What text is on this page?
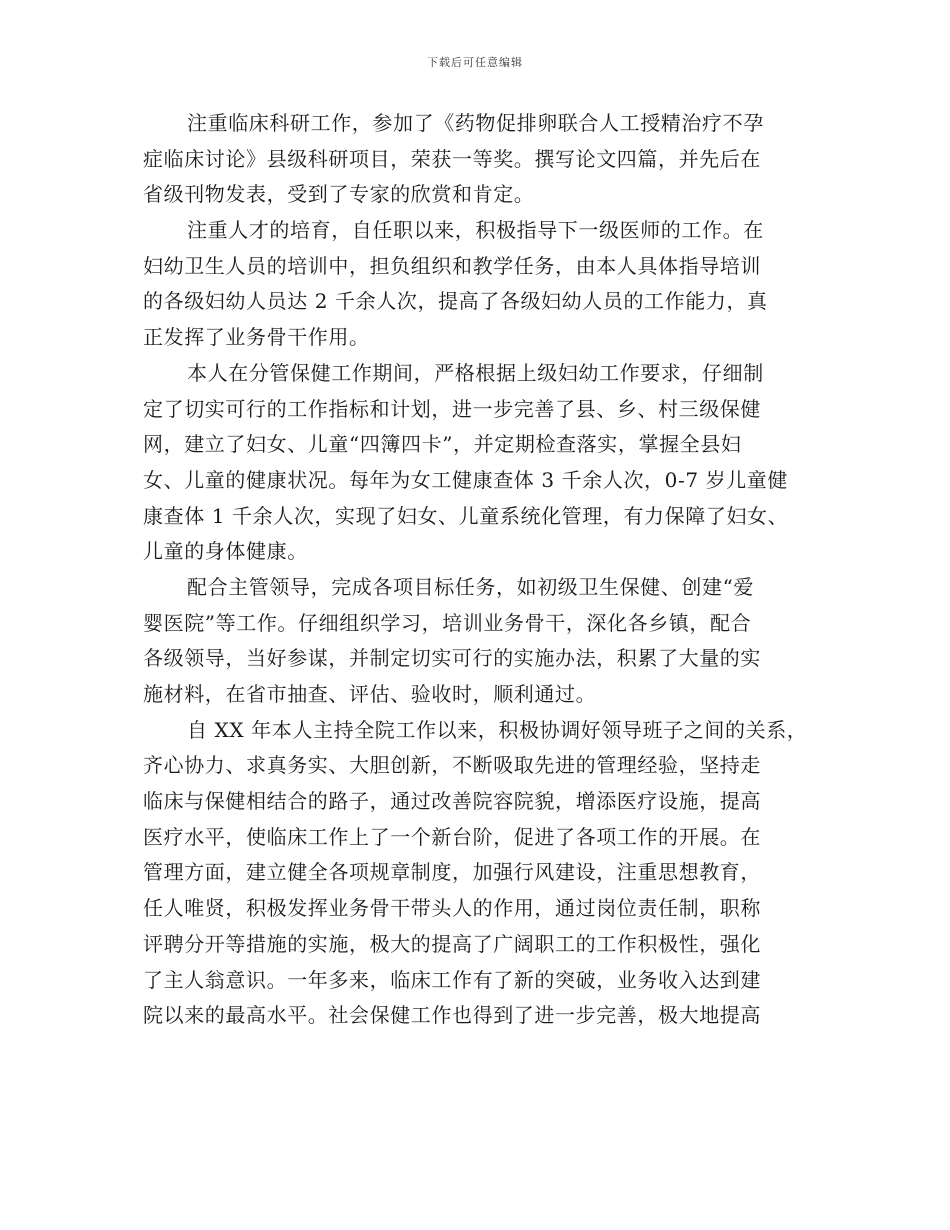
下载后可任意编辑
注重临床科研工作，参加了《药物促排卵联合人工授精治疗不孕
症临床讨论》县级科研项目，荣获一等奖。撰写论文四篇，并先后在
省级刊物发表，受到了专家的欣赏和肯定。
注重人才的培育，自任职以来，积极指导下一级医师的工作。在
妇幼卫生人员的培训中，担负组织和教学任务，由本人具体指导培训
的各级妇幼人员达 2 千余人次，提高了各级妇幼人员的工作能力，真
正发挥了业务骨干作用。
本人在分管保健工作期间，严格根据上级妇幼工作要求，仔细制
定了切实可行的工作指标和计划，进一步完善了县、乡、村三级保健
网，建立了妇女、儿童“四簿四卡”，并定期检查落实，掌握全县妇
女、儿童的健康状况。每年为女工健康查体 3 千余人次，0-7 岁儿童健
康查体 1 千余人次，实现了妇女、儿童系统化管理，有力保障了妇女、
儿童的身体健康。
配合主管领导，完成各项目标任务，如初级卫生保健、创建“爱
婴医院”等工作。仔细组织学习，培训业务骨干，深化各乡镇，配合
各级领导，当好参谋，并制定切实可行的实施办法，积累了大量的实
施材料，在省市抽查、评估、验收时，顺利通过。
自 XX 年本人主持全院工作以来，积极协调好领导班子之间的关系，
齐心协力、求真务实、大胆创新，不断吸取先进的管理经验，坚持走
临床与保健相结合的路子，通过改善院容院貌，增添医疗设施，提高
医疗水平，使临床工作上了一个新台阶，促进了各项工作的开展。在
管理方面，建立健全各项规章制度，加强行风建设，注重思想教育，
任人唯贤，积极发挥业务骨干带头人的作用，通过岗位责任制，职称
评聘分开等措施的实施，极大的提高了广阔职工的工作积极性，强化
了主人翁意识。一年多来，临床工作有了新的突破，业务收入达到建
院以来的最高水平。社会保健工作也得到了进一步完善，极大地提高
